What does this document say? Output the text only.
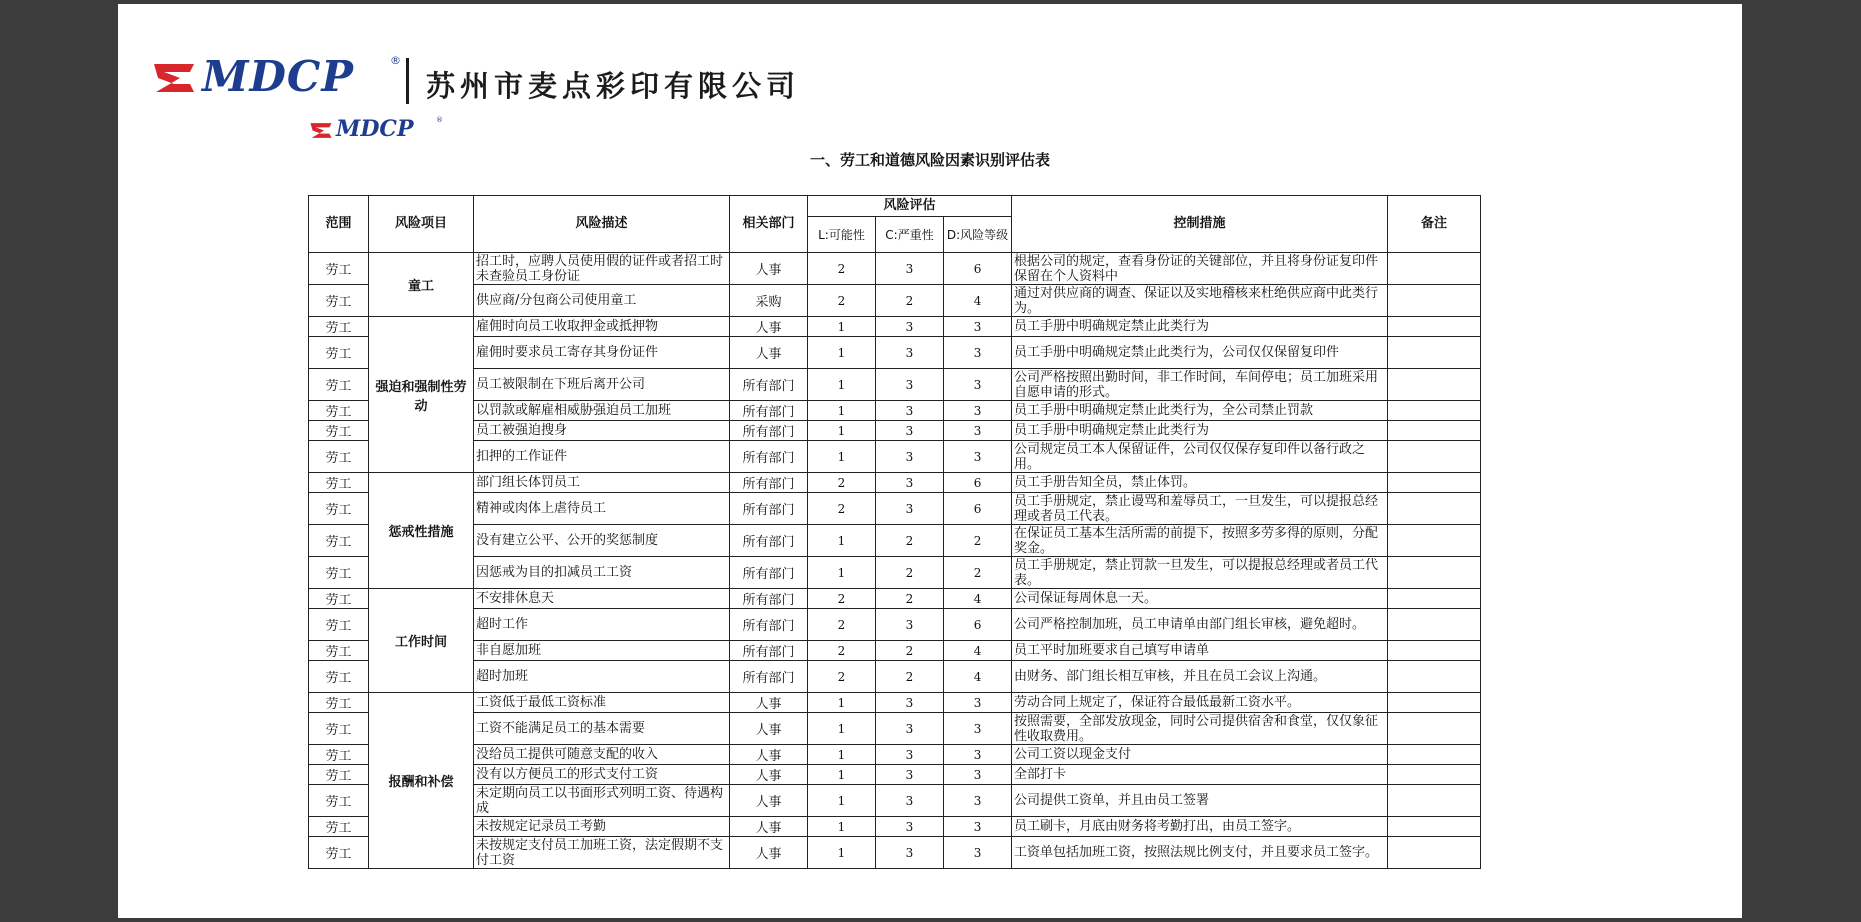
MDCP	®
苏州市麦点彩印有限公司
MDCP	®
一、劳工和道德风险因素识别评估表
范围	风险项目	风险描述	相关部门	风险评估			控制措施	备注
				L:可能性	C:严重性	D:风险等级		
劳工	童工	招工时，应聘人员使用假的证件或者招工时未查验员工身份证	人事	2	3	6	根据公司的规定，查看身份证的关键部位，并且将身份证复印件保留在个人资料中	
劳工		供应商/分包商公司使用童工	采购	2	2	4	通过对供应商的调查、保证以及实地稽核来杜绝供应商中此类行为。	
劳工	强迫和强制性劳动	雇佣时向员工收取押金或抵押物	人事	1	3	3	员工手册中明确规定禁止此类行为	
劳工		雇佣时要求员工寄存其身份证件	人事	1	3	3	员工手册中明确规定禁止此类行为，公司仅仅保留复印件	
劳工		员工被限制在下班后离开公司	所有部门	1	3	3	公司严格按照出勤时间，非工作时间，车间停电；员工加班采用自愿申请的形式。	
劳工		以罚款或解雇相威胁强迫员工加班	所有部门	1	3	3	员工手册中明确规定禁止此类行为，全公司禁止罚款	
劳工		员工被强迫搜身	所有部门	1	3	3	员工手册中明确规定禁止此类行为	
劳工		扣押的工作证件	所有部门	1	3	3	公司规定员工本人保留证件，公司仅仅保存复印件以备行政之用。	
劳工	惩戒性措施	部门组长体罚员工	所有部门	2	3	6	员工手册告知全员，禁止体罚。	
劳工		精神或肉体上虐待员工	所有部门	2	3	6	员工手册规定，禁止谩骂和羞辱员工，一旦发生，可以提报总经理或者员工代表。	
劳工		没有建立公平、公开的奖惩制度	所有部门	1	2	2	在保证员工基本生活所需的前提下，按照多劳多得的原则，分配奖金。	
劳工		因惩戒为目的扣减员工工资	所有部门	1	2	2	员工手册规定，禁止罚款一旦发生，可以提报总经理或者员工代表。	
劳工	工作时间	不安排休息天	所有部门	2	2	4	公司保证每周休息一天。	
劳工		超时工作	所有部门	2	3	6	公司严格控制加班，员工申请单由部门组长审核，避免超时。	
劳工		非自愿加班	所有部门	2	2	4	员工平时加班要求自己填写申请单	
劳工		超时加班	所有部门	2	2	4	由财务、部门组长相互审核，并且在员工会议上沟通。	
劳工	报酬和补偿	工资低于最低工资标准	人事	1	3	3	劳动合同上规定了，保证符合最低最新工资水平。	
劳工		工资不能满足员工的基本需要	人事	1	3	3	按照需要，全部发放现金，同时公司提供宿舍和食堂，仅仅象征性收取费用。	
劳工		没给员工提供可随意支配的收入	人事	1	3	3	公司工资以现金支付	
劳工		没有以方便员工的形式支付工资	人事	1	3	3	全部打卡	
劳工		未定期向员工以书面形式列明工资、待遇构成	人事	1	3	3	公司提供工资单，并且由员工签署	
劳工		未按规定记录员工考勤	人事	1	3	3	员工刷卡，月底由财务将考勤打出，由员工签字。	
劳工		未按规定支付员工加班工资，法定假期不支付工资	人事	1	3	3	工资单包括加班工资，按照法规比例支付，并且要求员工签字。	
